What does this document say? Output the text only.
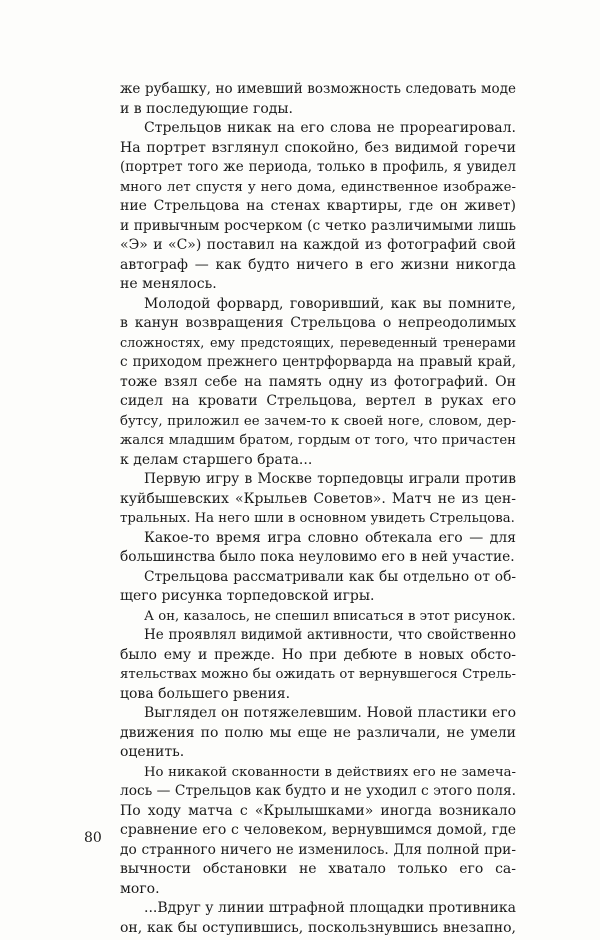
же рубашку, но имевший возможность следовать моде
и в последующие годы.
Стрельцов никак на его слова не прореагировал.
На портрет взглянул спокойно, без видимой горечи
(портрет того же периода, только в профиль, я увидел
много лет спустя у него дома, единственное изображе-
ние Стрельцова на стенах квартиры, где он живет)
и привычным росчерком (с четко различимыми лишь
«Э» и «С») поставил на каждой из фотографий свой
автограф — как будто ничего в его жизни никогда
не менялось.
Молодой форвард, говоривший, как вы помните,
в канун возвращения Стрельцова о непреодолимых
сложностях, ему предстоящих, переведенный тренерами
с приходом прежнего центрфорварда на правый край,
тоже взял себе на память одну из фотографий. Он
сидел на кровати Стрельцова, вертел в руках его
бутсу, приложил ее зачем-то к своей ноге, словом, дер-
жался младшим братом, гордым от того, что причастен
к делам старшего брата...
Первую игру в Москве торпедовцы играли против
куйбышевских «Крыльев Советов». Матч не из цен-
тральных. На него шли в основном увидеть Стрельцова.
Какое-то время игра словно обтекала его — для
большинства было пока неуловимо его в ней участие.
Стрельцова рассматривали как бы отдельно от об-
щего рисунка торпедовской игры.
А он, казалось, не спешил вписаться в этот рисунок.
Не проявлял видимой активности, что свойственно
было ему и прежде. Но при дебюте в новых обсто-
ятельствах можно бы ожидать от вернувшегося Стрель-
цова большего рвения.
Выглядел он потяжелевшим. Новой пластики его
движения по полю мы еще не различали, не умели
оценить.
Но никакой скованности в действиях его не замеча-
лось — Стрельцов как будто и не уходил с этого поля.
По ходу матча с «Крылышками» иногда возникало
сравнение его с человеком, вернувшимся домой, где
до странного ничего не изменилось. Для полной при-
вычности обстановки не хватало только его са-
мого.
...Вдруг у линии штрафной площадки противника
он, как бы оступившись, поскользнувшись внезапно,
80
